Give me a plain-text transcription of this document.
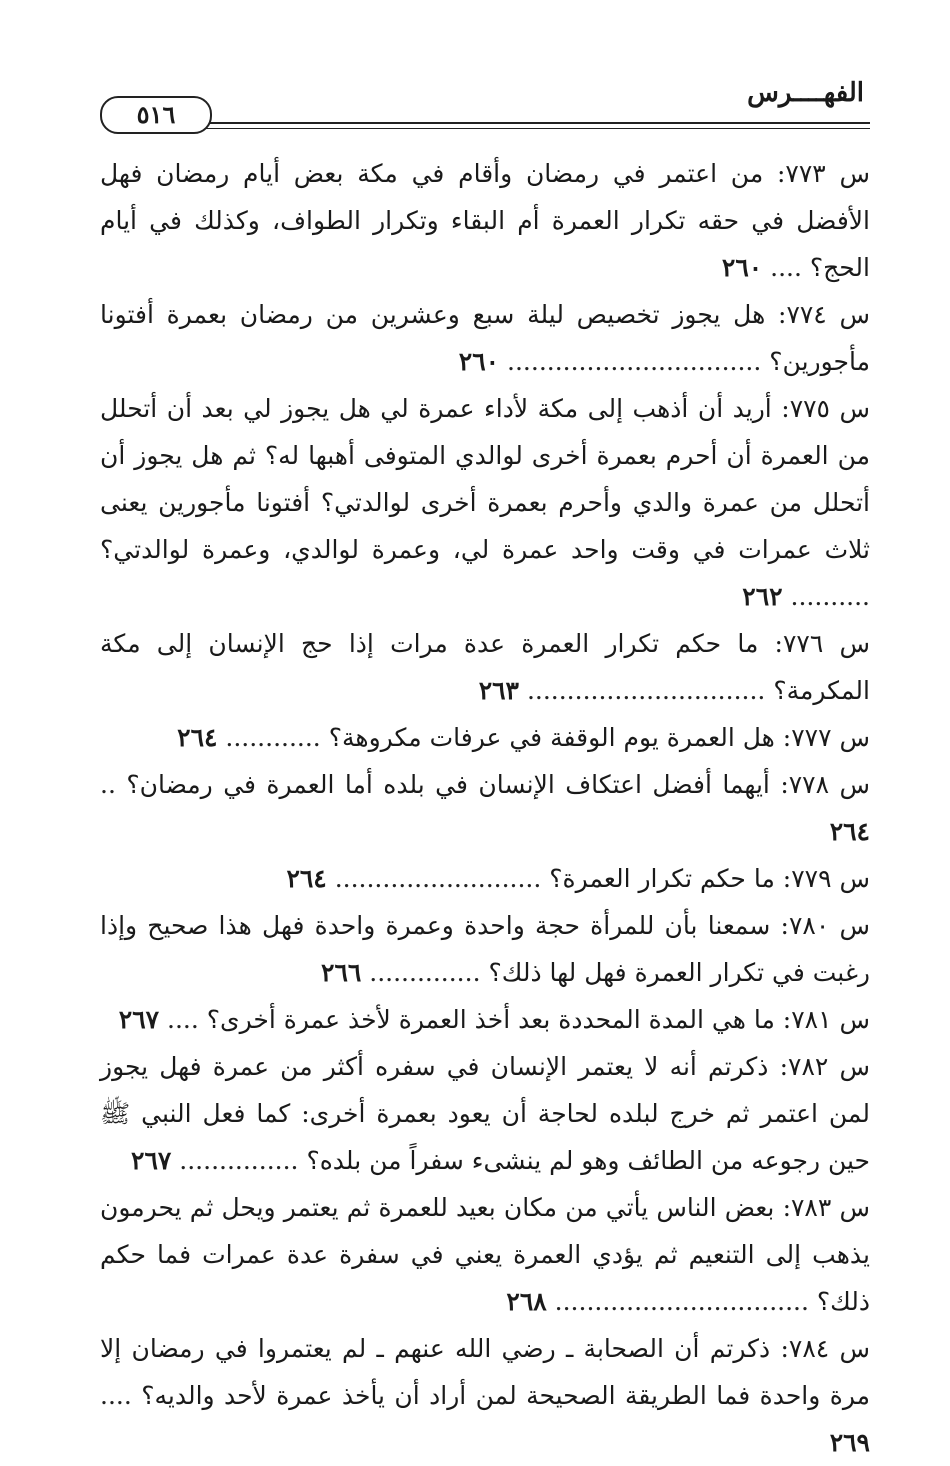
الفهــــرس
٥١٦

س ٧٧٣: من اعتمر في رمضان وأقام في مكة بعض أيام رمضان فهل الأفضل في حقه تكرار العمرة أم البقاء وتكرار الطواف، وكذلك في أيام الحج؟ .... ٢٦٠

س ٧٧٤: هل يجوز تخصيص ليلة سبع وعشرين من رمضان بعمرة أفتونا مأجورين؟ ................................ ٢٦٠

س ٧٧٥: أريد أن أذهب إلى مكة لأداء عمرة لي هل يجوز لي بعد أن أتحلل من العمرة أن أحرم بعمرة أخرى لوالدي المتوفى أهبها له؟ ثم هل يجوز أن أتحلل من عمرة والدي وأحرم بعمرة أخرى لوالدتي؟ أفتونا مأجورين يعنى ثلاث عمرات في وقت واحد عمرة لي، وعمرة لوالدي، وعمرة لوالدتي؟ .......... ٢٦٢

س ٧٧٦: ما حكم تكرار العمرة عدة مرات إذا حج الإنسان إلى مكة المكرمة؟ .............................. ٢٦٣

س ٧٧٧: هل العمرة يوم الوقفة في عرفات مكروهة؟ ............ ٢٦٤

س ٧٧٨: أيهما أفضل اعتكاف الإنسان في بلده أما العمرة في رمضان؟ .. ٢٦٤

س ٧٧٩: ما حكم تكرار العمرة؟ .......................... ٢٦٤

س ٧٨٠: سمعنا بأن للمرأة حجة واحدة وعمرة واحدة فهل هذا صحيح وإذا رغبت في تكرار العمرة فهل لها ذلك؟ .............. ٢٦٦

س ٧٨١: ما هي المدة المحددة بعد أخذ العمرة لأخذ عمرة أخرى؟ .... ٢٦٧

س ٧٨٢: ذكرتم أنه لا يعتمر الإنسان في سفره أكثر من عمرة فهل يجوز لمن اعتمر ثم خرج لبلده لحاجة أن يعود بعمرة أخرى: كما فعل النبي ﷺ حين رجوعه من الطائف وهو لم ينشىء سفراً من بلده؟ ............... ٢٦٧

س ٧٨٣: بعض الناس يأتي من مكان بعيد للعمرة ثم يعتمر ويحل ثم يحرمون يذهب إلى التنعيم ثم يؤدي العمرة يعني في سفرة عدة عمرات فما حكم ذلك؟ ................................ ٢٦٨

س ٧٨٤: ذكرتم أن الصحابة ـ رضي الله عنهم ـ لم يعتمروا في رمضان إلا مرة واحدة فما الطريقة الصحيحة لمن أراد أن يأخذ عمرة لأحد والديه؟ .... ٢٦٩
